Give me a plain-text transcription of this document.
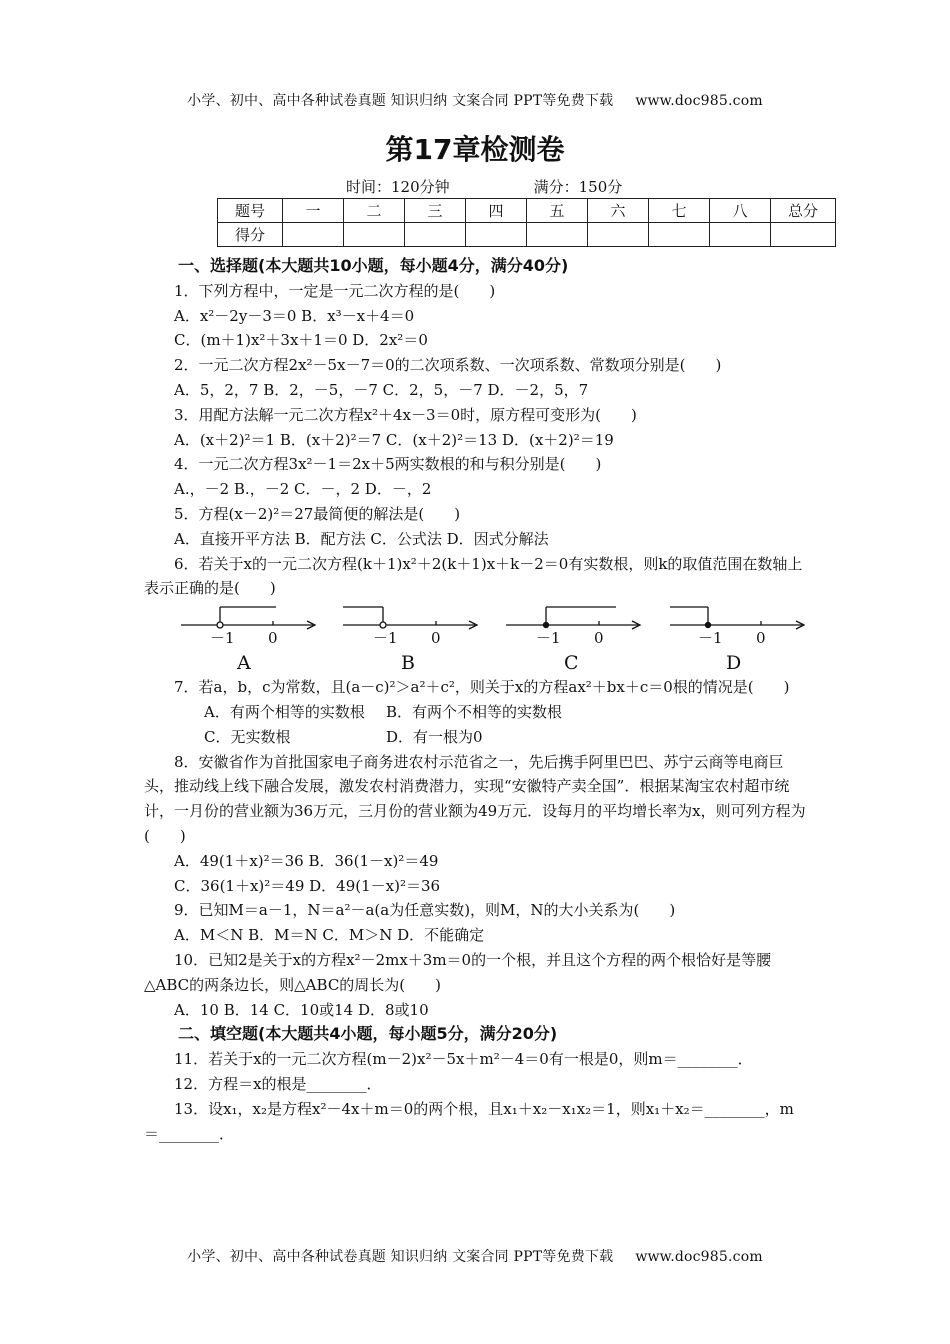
小学、初中、高中各种试卷真题 知识归纳 文案合同 PPT等免费下载 www.doc985.com
第17章检测卷
时间：120分钟	满分：150分
题号	一	二	三	四	五	六	七	八	总分
得分									

一、选择题(本大题共10小题，每小题4分，满分40分)

1．下列方程中，一定是一元二次方程的是(　　)

A．x²－2y－3＝0 B．x³－x＋4＝0

C．(m＋1)x²＋3x＋1＝0 D．2x²＝0

2．一元二次方程2x²－5x－7＝0的二次项系数、一次项系数、常数项分别是(　　)

A．5，2，7 B．2，－5，－7 C．2，5，－7 D．－2，5，7

3．用配方法解一元二次方程x²＋4x－3＝0时，原方程可变形为(　　)

A．(x＋2)²＝1 B．(x＋2)²＝7 C．(x＋2)²＝13 D．(x＋2)²＝19

4．一元二次方程3x²－1＝2x＋5两实数根的和与积分别是(　　)

A.，－2 B.，－2 C．－，2 D．－，2

5．方程(x－2)²＝27最简便的解法是(　　)

A．直接开平方法 B．配方法 C．公式法 D．因式分解法

6．若关于x的一元二次方程(k＋1)x²＋2(k＋1)x＋k－2＝0有实数根，则k的取值范围在数轴上表示正确的是(　　)

－1 0
A
－1 0
B
－1 0
C
－1 0
D

7．若a，b，c为常数，且(a－c)²＞a²＋c²，则关于x的方程ax²＋bx＋c＝0根的情况是(　　)

A．有两个相等的实数根 B．有两个不相等的实数根

C．无实数根	D．有一根为0

8．安徽省作为首批国家电子商务进农村示范省之一，先后携手阿里巴巴、苏宁云商等电商巨头，推动线上线下融合发展，激发农村消费潜力，实现“安徽特产卖全国”．根据某淘宝农村超市统计，一月份的营业额为36万元，三月份的营业额为49万元．设每月的平均增长率为x，则可列方程为(　　)

A．49(1＋x)²＝36 B．36(1－x)²＝49

C．36(1＋x)²＝49 D．49(1－x)²＝36

9．已知M＝a－1，N＝a²－a(a为任意实数)，则M，N的大小关系为(　　)

A．M＜N B．M＝N C．M＞N D．不能确定

10．已知2是关于x的方程x²－2mx＋3m＝0的一个根，并且这个方程的两个根恰好是等腰△ABC的两条边长，则△ABC的周长为(　　)

A．10 B．14 C．10或14 D．8或10

二、填空题(本大题共4小题，每小题5分，满分20分)

11．若关于x的一元二次方程(m－2)x²－5x＋m²－4＝0有一根是0，则m＝________．

12．方程＝x的根是________．

13．设x₁，x₂是方程x²－4x＋m＝0的两个根，且x₁＋x₂－x₁x₂＝1，则x₁＋x₂＝________，m＝________．

小学、初中、高中各种试卷真题 知识归纳 文案合同 PPT等免费下载 www.doc985.com
